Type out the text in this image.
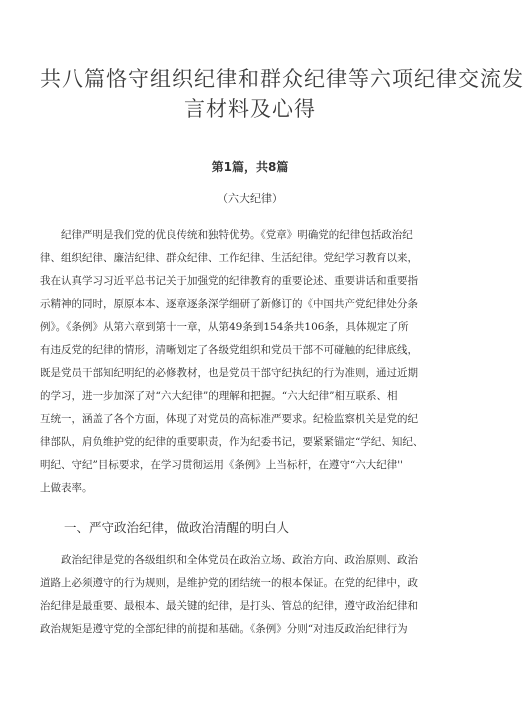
共八篇恪守组织纪律和群众纪律等六项纪律交流发
言材料及心得
第1篇，共8篇
（六大纪律）
纪律严明是我们党的优良传统和独特优势。《党章》明确党的纪律包括政治纪
律、组织纪律、廉洁纪律、群众纪律、工作纪律、生活纪律。党纪学习教育以来，
我在认真学习习近平总书记关于加强党的纪律教育的重要论述、重要讲话和重要指
示精神的同时，原原本本、逐章逐条深学细研了新修订的《中国共产党纪律处分条
例》。《条例》从第六章到第十一章，从第49条到154条共106条，具体规定了所
有违反党的纪律的情形，清晰划定了各级党组织和党员干部不可碰触的纪律底线，
既是党员干部知纪明纪的必修教材，也是党员干部守纪执纪的行为准则，通过近期
的学习，进一步加深了对“六大纪律”的理解和把握。“六大纪律”相互联系、相
互统一，涵盖了各个方面，体现了对党员的高标准严要求。纪检监察机关是党的纪
律部队，肩负维护党的纪律的重要职责，作为纪委书记，要紧紧锚定“学纪、知纪、
明纪、守纪”目标要求，在学习贯彻运用《条例》上当标杆，在遵守“六大纪律''
上做表率。
一、严守政治纪律，做政治清醒的明白人
政治纪律是党的各级组织和全体党员在政治立场、政治方向、政治原则、政治
道路上必须遵守的行为规则，是维护党的团结统一的根本保证。在党的纪律中，政
治纪律是最重要、最根本、最关键的纪律，是打头、管总的纪律，遵守政治纪律和
政治规矩是遵守党的全部纪律的前提和基础。《条例》分则“对违反政治纪律行为
